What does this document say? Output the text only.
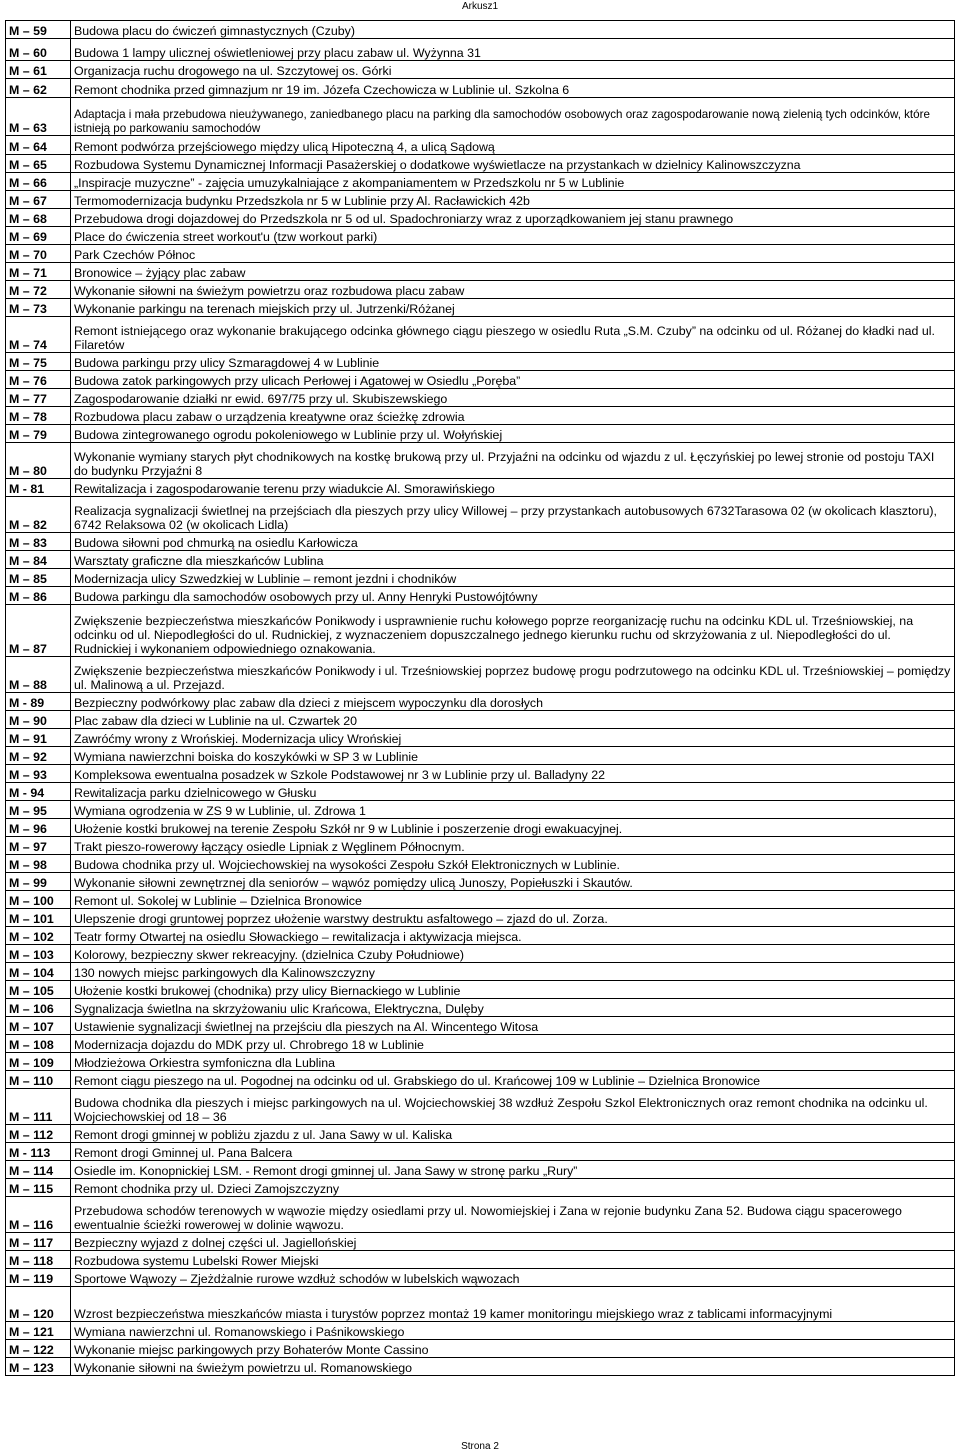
Arkusz1
M – 59	Budowa placu do ćwiczeń gimnastycznych (Czuby)
M – 60	Budowa 1 lampy ulicznej oświetleniowej przy placu zabaw ul. Wyżynna 31
M – 61	Organizacja ruchu drogowego na ul. Szczytowej os. Górki
M – 62	Remont chodnika przed gimnazjum nr 19 im. Józefa Czechowicza w Lublinie ul. Szkolna 6
M – 63	Adaptacja i mała przebudowa nieużywanego, zaniedbanego placu na parking dla samochodów osobowych oraz zagospodarowanie nową zielenią tych odcinków, które istnieją po parkowaniu samochodów
M – 64	Remont podwórza przejściowego między ulicą Hipoteczną 4, a ulicą Sądową
M – 65	Rozbudowa Systemu Dynamicznej Informacji Pasażerskiej o dodatkowe wyświetlacze na przystankach w dzielnicy Kalinowszczyzna
M – 66	„Inspiracje muzyczne” - zajęcia umuzykalniające z akompaniamentem w Przedszkolu nr 5 w Lublinie
M – 67	Termomodernizacja budynku Przedszkola nr 5 w Lublinie przy Al. Racławickich 42b
M – 68	Przebudowa drogi dojazdowej do Przedszkola nr 5 od ul. Spadochroniarzy wraz z uporządkowaniem jej stanu prawnego
M – 69	Place do ćwiczenia street workout'u (tzw workout parki)
M – 70	Park Czechów Północ
M – 71	Bronowice – żyjący plac zabaw
M – 72	Wykonanie siłowni na świeżym powietrzu oraz rozbudowa placu zabaw
M – 73	Wykonanie parkingu na terenach miejskich przy ul. Jutrzenki/Różanej
M – 74	Remont istniejącego oraz wykonanie brakującego odcinka głównego ciągu pieszego w osiedlu Ruta „S.M. Czuby” na odcinku od ul. Różanej do kładki nad ul. Filaretów
M – 75	Budowa parkingu przy ulicy Szmaragdowej 4 w Lublinie
M – 76	Budowa zatok parkingowych przy ulicach Perłowej i Agatowej w Osiedlu „Poręba”
M – 77	Zagospodarowanie działki nr ewid. 697/75 przy ul. Skubiszewskiego
M – 78	Rozbudowa placu zabaw o urządzenia kreatywne oraz ścieżkę zdrowia
M – 79	Budowa zintegrowanego ogrodu pokoleniowego w Lublinie przy ul. Wołyńskiej
M – 80	Wykonanie wymiany starych płyt chodnikowych na kostkę brukową przy ul. Przyjaźni na odcinku od wjazdu z ul. Łęczyńskiej po lewej stronie od postoju TAXI do budynku Przyjaźni 8
M - 81	Rewitalizacja i zagospodarowanie terenu przy wiadukcie Al. Smorawińskiego
M – 82	Realizacja sygnalizacji świetlnej na przejściach dla pieszych przy ulicy Willowej – przy przystankach autobusowych 6732Tarasowa 02 (w okolicach klasztoru), 6742 Relaksowa 02 (w okolicach Lidla)
M – 83	Budowa siłowni pod chmurką na osiedlu Karłowicza
M – 84	Warsztaty graficzne dla mieszkańców Lublina
M – 85	Modernizacja ulicy Szwedzkiej w Lublinie – remont jezdni i chodników
M – 86	Budowa parkingu dla samochodów osobowych przy ul. Anny Henryki Pustowójtówny
M – 87	Zwiększenie bezpieczeństwa mieszkańców Ponikwody i usprawnienie ruchu kołowego poprze reorganizację ruchu na odcinku KDL ul. Trześniowskiej, na odcinku od ul. Niepodległości do ul. Rudnickiej, z wyznaczeniem dopuszczalnego jednego kierunku ruchu od skrzyżowania z ul. Niepodległości do ul. Rudnickiej i wykonaniem odpowiedniego oznakowania.
M – 88	Zwiększenie bezpieczeństwa mieszkańców Ponikwody i ul. Trześniowskiej poprzez budowę progu podrzutowego na odcinku KDL ul. Trześniowskiej – pomiędzy ul. Malinową a ul. Przejazd.
M - 89	Bezpieczny podwórkowy plac zabaw dla dzieci z miejscem wypoczynku dla dorosłych
M – 90	Plac zabaw dla dzieci w Lublinie na ul. Czwartek 20
M – 91	Zawróćmy wrony z Wrońskiej. Modernizacja ulicy Wrońskiej
M – 92	Wymiana nawierzchni boiska do koszykówki w SP 3 w Lublinie
M – 93	Kompleksowa ewentualna posadzek w Szkole Podstawowej nr 3 w Lublinie przy ul. Balladyny 22
M - 94	Rewitalizacja parku dzielnicowego w Głusku
M – 95	Wymiana ogrodzenia w ZS 9 w Lublinie, ul. Zdrowa 1
M – 96	Ułożenie kostki brukowej na terenie Zespołu Szkół nr 9 w Lublinie i poszerzenie drogi ewakuacyjnej.
M – 97	Trakt pieszo-rowerowy łączący osiedle Lipniak z Węglinem Północnym.
M – 98	Budowa chodnika przy ul. Wojciechowskiej na wysokości Zespołu Szkół Elektronicznych w Lublinie.
M – 99	Wykonanie siłowni zewnętrznej dla seniorów – wąwóz pomiędzy ulicą Junoszy, Popiełuszki i Skautów.
M – 100	Remont ul. Sokolej w Lublinie – Dzielnica Bronowice
M – 101	Ulepszenie drogi gruntowej poprzez ułożenie warstwy destruktu asfaltowego – zjazd do ul. Zorza.
M – 102	Teatr formy Otwartej na osiedlu Słowackiego – rewitalizacja i aktywizacja miejsca.
M – 103	Kolorowy, bezpieczny skwer rekreacyjny. (dzielnica Czuby Południowe)
M – 104	130 nowych miejsc parkingowych dla Kalinowszczyzny
M – 105	Ułożenie kostki brukowej (chodnika) przy ulicy Biernackiego w Lublinie
M – 106	Sygnalizacja świetlna na skrzyżowaniu ulic Krańcowa, Elektryczna, Dulęby
M – 107	Ustawienie sygnalizacji świetlnej na przejściu dla pieszych na Al. Wincentego Witosa
M – 108	Modernizacja dojazdu do MDK przy ul. Chrobrego 18 w Lublinie
M – 109	Młodzieżowa Orkiestra symfoniczna dla Lublina
M – 110	Remont ciągu pieszego na ul. Pogodnej na odcinku od ul. Grabskiego do ul. Krańcowej 109 w Lublinie – Dzielnica Bronowice
M – 111	Budowa chodnika dla pieszych i miejsc parkingowych na ul. Wojciechowskiej 38 wzdłuż Zespołu Szkol Elektronicznych oraz remont chodnika na odcinku ul. Wojciechowskiej od 18 – 36
M – 112	Remont drogi gminnej w pobliżu zjazdu z ul. Jana Sawy w ul. Kaliska
M - 113	Remont drogi Gminnej ul. Pana Balcera
M – 114	Osiedle im. Konopnickiej LSM. - Remont drogi gminnej ul. Jana Sawy w stronę parku „Rury”
M – 115	Remont chodnika przy ul. Dzieci Zamojszczyzny
M – 116	Przebudowa schodów terenowych w wąwozie między osiedlami przy ul. Nowomiejskiej i Zana w rejonie budynku Zana 52. Budowa ciągu spacerowego ewentualnie ścieżki rowerowej w dolinie wąwozu.
M – 117	Bezpieczny wyjazd z dolnej części ul. Jagiellońskiej
M – 118	Rozbudowa systemu Lubelski Rower Miejski
M – 119	Sportowe Wąwozy – Zjeżdżalnie rurowe wzdłuż schodów w lubelskich wąwozach
M – 120	Wzrost bezpieczeństwa mieszkańców miasta i turystów poprzez montaż 19 kamer monitoringu miejskiego wraz z tablicami informacyjnymi
M – 121	Wymiana nawierzchni ul. Romanowskiego i Paśnikowskiego
M – 122	Wykonanie miejsc parkingowych przy Bohaterów Monte Cassino
M – 123	Wykonanie siłowni na świeżym powietrzu ul. Romanowskiego
Strona 2
